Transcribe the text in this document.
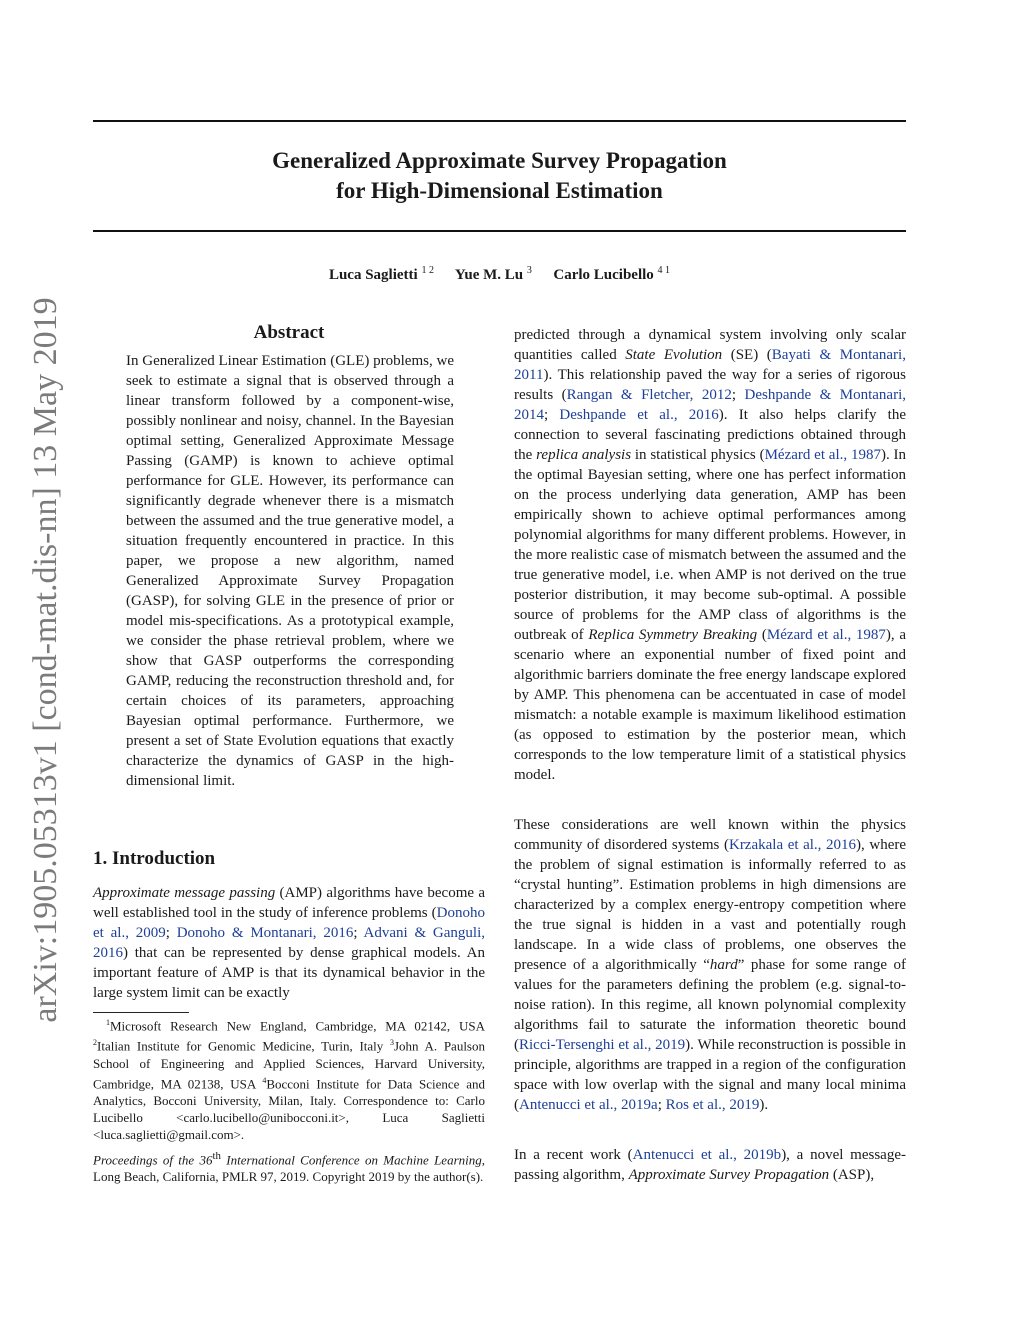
arXiv:1905.05313v1 [cond-mat.dis-nn] 13 May 2019
Generalized Approximate Survey Propagation
for High-Dimensional Estimation
Luca Saglietti $^{1 2}$ Yue M. Lu $^3$ Carlo Lucibello $^{4 1}$
Abstract
In Generalized Linear Estimation (GLE) problems, we seek to estimate a signal that is observed through a linear transform followed by a component-wise, possibly nonlinear and noisy, channel. In the Bayesian optimal setting, Generalized Approximate Message Passing (GAMP) is known to achieve optimal performance for GLE. However, its performance can significantly degrade whenever there is a mismatch between the assumed and the true generative model, a situation frequently encountered in practice. In this paper, we propose a new algorithm, named Generalized Approximate Survey Propagation (GASP), for solving GLE in the presence of prior or model mis-specifications. As a prototypical example, we consider the phase retrieval problem, where we show that GASP outperforms the corresponding GAMP, reducing the reconstruction threshold and, for certain choices of its parameters, approaching Bayesian optimal performance. Furthermore, we present a set of State Evolution equations that exactly characterize the dynamics of GASP in the high-dimensional limit.
1. Introduction

Approximate message passing (AMP) algorithms have become a well established tool in the study of inference problems (Donoho et al., 2009; Donoho & Montanari, 2016; Advani & Ganguli, 2016) that can be represented by dense graphical models. An important feature of AMP is that its dynamical behavior in the large system limit can be exactly

 $^1$Microsoft Research New England, Cambridge, MA 02142, USA $^2$Italian Institute for Genomic Medicine, Turin, Italy $^3$John A. Paulson School of Engineering and Applied Sciences, Harvard University, Cambridge, MA 02138, USA $^4$Bocconi Institute for Data Science and Analytics, Bocconi University, Milan, Italy. Correspondence to: Carlo Lucibello <carlo.lucibello@unibocconi.it>, Luca Saglietti <luca.saglietti@gmail.com>.

Proceedings of the 36th International Conference on Machine Learning, Long Beach, California, PMLR 97, 2019. Copyright 2019 by the author(s).

predicted through a dynamical system involving only scalar quantities called State Evolution (SE) (Bayati & Montanari, 2011). This relationship paved the way for a series of rigorous results (Rangan & Fletcher, 2012; Deshpande & Montanari, 2014; Deshpande et al., 2016). It also helps clarify the connection to several fascinating predictions obtained through the replica analysis in statistical physics (Mézard et al., 1987). In the optimal Bayesian setting, where one has perfect information on the process underlying data generation, AMP has been empirically shown to achieve optimal performances among polynomial algorithms for many different problems. However, in the more realistic case of mismatch between the assumed and the true generative model, i.e. when AMP is not derived on the true posterior distribution, it may become sub-optimal. A possible source of problems for the AMP class of algorithms is the outbreak of Replica Symmetry Breaking (Mézard et al., 1987), a scenario where an exponential number of fixed point and algorithmic barriers dominate the free energy landscape explored by AMP. This phenomena can be accentuated in case of model mismatch: a notable example is maximum likelihood estimation (as opposed to estimation by the posterior mean, which corresponds to the low temperature limit of a statistical physics model.

These considerations are well known within the physics community of disordered systems (Krzakala et al., 2016), where the problem of signal estimation is informally referred to as “crystal hunting”. Estimation problems in high dimensions are characterized by a complex energy-entropy competition where the true signal is hidden in a vast and potentially rough landscape. In a wide class of problems, one observes the presence of a algorithmically “hard” phase for some range of values for the parameters defining the problem (e.g. signal-to-noise ration). In this regime, all known polynomial complexity algorithms fail to saturate the information theoretic bound (Ricci-Tersenghi et al., 2019). While reconstruction is possible in principle, algorithms are trapped in a region of the configuration space with low overlap with the signal and many local minima (Antenucci et al., 2019a; Ros et al., 2019).

In a recent work (Antenucci et al., 2019b), a novel message-passing algorithm, Approximate Survey Propagation (ASP),
